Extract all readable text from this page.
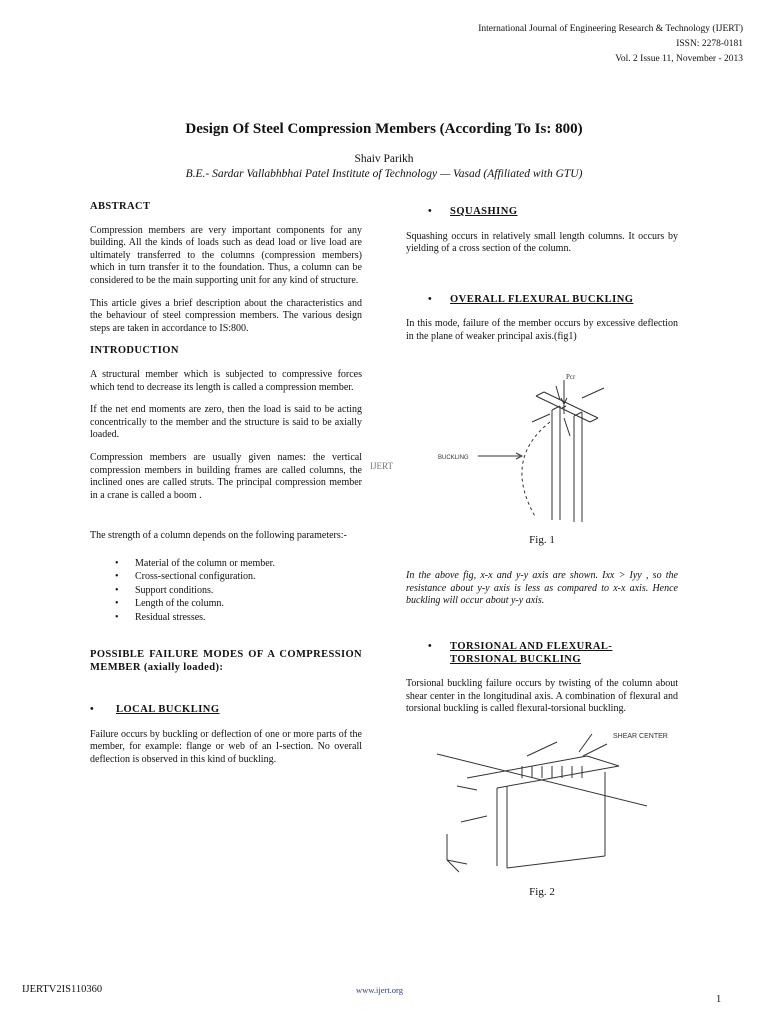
International Journal of Engineering Research & Technology (IJERT)
ISSN: 2278-0181
Vol. 2 Issue 11, November - 2013
Design Of Steel Compression Members (According To Is: 800)
Shaiv Parikh
B.E.- Sardar Vallabhbhai Patel Institute of Technology — Vasad (Affiliated with GTU)
ABSTRACT
Compression members are very important components for any building. All the kinds of loads such as dead load or live load are ultimately transferred to the columns (compression members) which in turn transfer it to the foundation. Thus, a column can be considered to be the main supporting unit for any kind of structure.
This article gives a brief description about the characteristics and the behaviour of steel compression members. The various design steps are taken in accordance to IS:800.
INTRODUCTION
A structural member which is subjected to compressive forces which tend to decrease its length is called a compression member.
If the net end moments are zero, then the load is said to be acting concentrically to the member and the structure is said to be axially loaded.
Compression members are usually given names: the vertical compression members in building frames are called columns, the inclined ones are called struts. The principal compression member in a crane is called a boom .
The strength of a column depends on the following parameters:-
• Material of the column or member.
• Cross-sectional configuration.
• Support conditions.
• Length of the column.
• Residual stresses.
POSSIBLE FAILURE MODES OF A COMPRESSION MEMBER (axially loaded):
• LOCAL BUCKLING
Failure occurs by buckling or deflection of one or more parts of the member, for example: flange or web of an I-section. No overall deflection is observed in this kind of buckling.
• SQUASHING
Squashing occurs in relatively small length columns. It occurs by yielding of a cross section of the column.
• OVERALL FLEXURAL BUCKLING
In this mode, failure of the member occurs by excessive deflection in the plane of weaker principal axis.(fig1)
Pcr
BUCKLING
Fig. 1
In the above fig, x-x and y-y axis are shown. Ixx > Iyy , so the resistance about y-y axis is less as compared to x-x axis. Hence buckling will occur about y-y axis.
• TORSIONAL AND FLEXURAL-TORSIONAL BUCKLING
Torsional buckling failure occurs by twisting of the column about shear center in the longitudinal axis. A combination of flexural and torsional buckling is called flexural-torsional buckling.
SHEAR CENTER
Fig. 2
IJERT
IJERTV2IS110360	www.ijert.org
1
